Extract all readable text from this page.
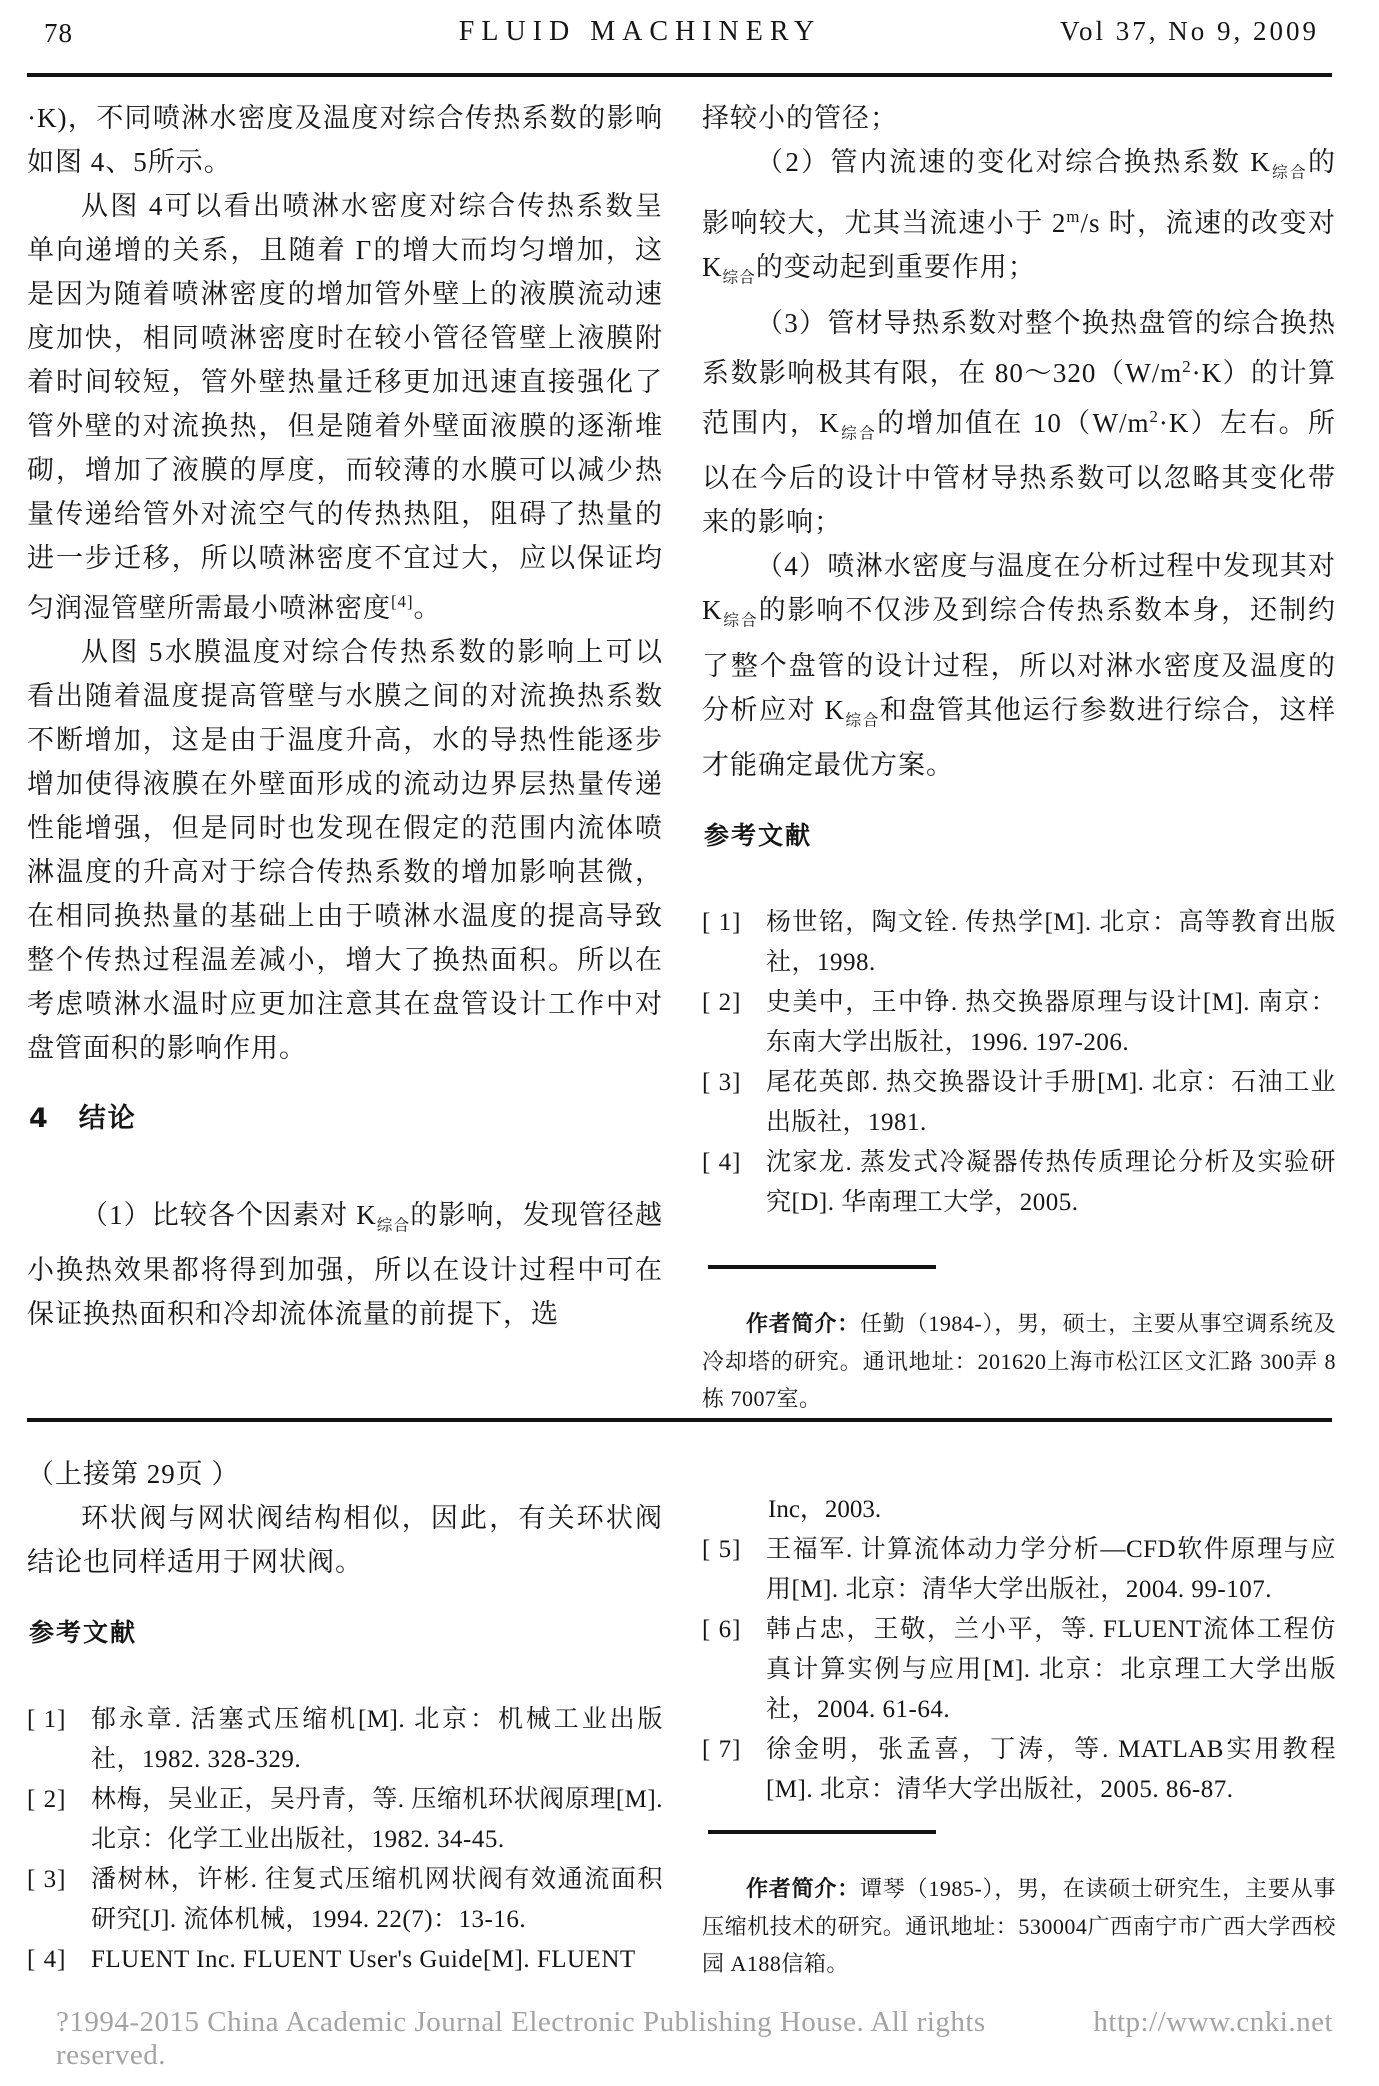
78	FLUID MACHINERY	Vol 37, No 9, 2009

·K)，不同喷淋水密度及温度对综合传热系数的影响如图 4、5所示。

从图 4可以看出喷淋水密度对综合传热系数呈单向递增的关系，且随着 Γ的增大而均匀增加，这是因为随着喷淋密度的增加管外壁上的液膜流动速度加快，相同喷淋密度时在较小管径管壁上液膜附着时间较短，管外壁热量迁移更加迅速直接强化了管外壁的对流换热，但是随着外壁面液膜的逐渐堆砌，增加了液膜的厚度，而较薄的水膜可以减少热量传递给管外对流空气的传热热阻，阻碍了热量的进一步迁移，所以喷淋密度不宜过大，应以保证均匀润湿管壁所需最小喷淋密度[4]。

从图 5水膜温度对综合传热系数的影响上可以看出随着温度提高管壁与水膜之间的对流换热系数不断增加，这是由于温度升高，水的导热性能逐步增加使得液膜在外壁面形成的流动边界层热量传递性能增强，但是同时也发现在假定的范围内流体喷淋温度的升高对于综合传热系数的增加影响甚微，在相同换热量的基础上由于喷淋水温度的提高导致整个传热过程温差减小，增大了换热面积。所以在考虑喷淋水温时应更加注意其在盘管设计工作中对盘管面积的影响作用。

4　结论

（1）比较各个因素对 $K_{综合}$的影响，发现管径越小换热效果都将得到加强，所以在设计过程中可在保证换热面积和冷却流体流量的前提下，选

择较小的管径；

（2）管内流速的变化对综合换热系数 $K_{综合}$的影响较大，尤其当流速小于 2$^m$/s 时，流速的改变对 $K_{综合}$的变动起到重要作用；

（3）管材导热系数对整个换热盘管的综合换热系数影响极其有限，在 $80\sim 320(W/m^2\cdot K)$的计算范围内，$K_{综合}$的增加值在 $10(W/m^2\cdot K)$左右。所以在今后的设计中管材导热系数可以忽略其变化带来的影响；

（4）喷淋水密度与温度在分析过程中发现其对 $K_{综合}$的影响不仅涉及到综合传热系数本身，还制约了整个盘管的设计过程，所以对淋水密度及温度的分析应对 $K_{综合}$和盘管其他运行参数进行综合，这样才能确定最优方案。

参考文献
[ 1] 杨世铭，陶文铨. 传热学[M]. 北京：高等教育出版社，1998.
[ 2] 史美中，王中铮. 热交换器原理与设计[M]. 南京：东南大学出版社，1996. 197-206.
[ 3] 尾花英郎. 热交换器设计手册[M]. 北京：石油工业出版社，1981.
[ 4] 沈家龙. 蒸发式冷凝器传热传质理论分析及实验研究[D]. 华南理工大学，2005.

作者简介：任勤（1984-），男，硕士，主要从事空调系统及冷却塔的研究。通讯地址：201620上海市松江区文汇路 300弄 8栋 7007室。

（上接第 29页 ）

环状阀与网状阀结构相似，因此，有关环状阀结论也同样适用于网状阀。

参考文献
[ 1] 郁永章. 活塞式压缩机[M]. 北京：机械工业出版社，1982. 328-329.
[ 2] 林梅，吴业正，吴丹青，等. 压缩机环状阀原理[M]. 北京：化学工业出版社，1982. 34-45.
[ 3] 潘树林，许彬. 往复式压缩机网状阀有效通流面积研究[J]. 流体机械，1994. 22(7)：13-16.
[ 4] FLUENT Inc. FLUENT User's Guide[M]. FLUENT

Inc，2003.

[ 5] 王福军. 计算流体动力学分析—CFD软件原理与应用[M]. 北京：清华大学出版社，2004. 99-107.
[ 6] 韩占忠，王敬，兰小平，等. FLUENT流体工程仿真计算实例与应用[M]. 北京：北京理工大学出版社，2004. 61-64.
[ 7] 徐金明，张孟喜，丁涛，等. MATLAB实用教程[M]. 北京：清华大学出版社，2005. 86-87.

作者简介：谭琴（1985-），男，在读硕士研究生，主要从事压缩机技术的研究。通讯地址：530004广西南宁市广西大学西校园 A188信箱。

?1994-2015 China Academic Journal Electronic Publishing House. All rights reserved.
http://www.cnki.net
